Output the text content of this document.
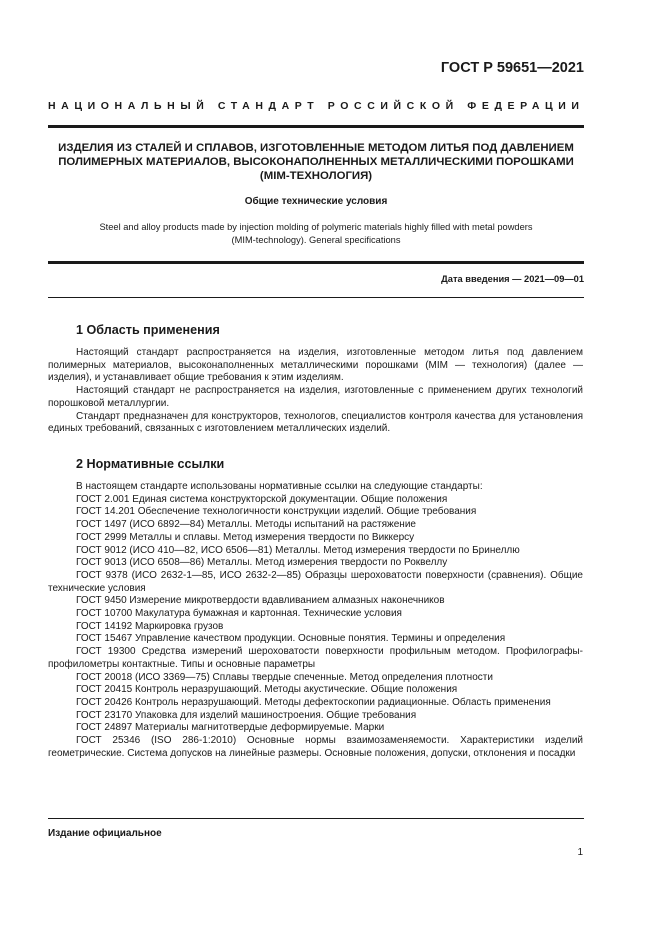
ГОСТ Р 59651—2021
НАЦИОНАЛЬНЫЙ СТАНДАРТ РОССИЙСКОЙ ФЕДЕРАЦИИ
ИЗДЕЛИЯ ИЗ СТАЛЕЙ И СПЛАВОВ, ИЗГОТОВЛЕННЫЕ МЕТОДОМ ЛИТЬЯ ПОД ДАВЛЕНИЕМ
ПОЛИМЕРНЫХ МАТЕРИАЛОВ, ВЫСОКОНАПОЛНЕННЫХ МЕТАЛЛИЧЕСКИМИ ПОРОШКАМИ
(MIM-ТЕХНОЛОГИЯ)
Общие технические условия
Steel and alloy products made by injection molding of polymeric materials highly filled with metal powders
(MIM-technology). General specifications
Дата введения — 2021—09—01
1 Область применения

Настоящий стандарт распространяется на изделия, изготовленные методом литья под давлением полимерных материалов, высоконаполненных металлическими порошками (MIM — технология) (далее — изделия), и устанавливает общие требования к этим изделиям.

Настоящий стандарт не распространяется на изделия, изготовленные с применением других технологий порошковой металлургии.

Стандарт предназначен для конструкторов, технологов, специалистов контроля качества для установления единых требований, связанных с изготовлением металлических изделий.

2 Нормативные ссылки

В настоящем стандарте использованы нормативные ссылки на следующие стандарты:

ГОСТ 2.001 Единая система конструкторской документации. Общие положения

ГОСТ 14.201 Обеспечение технологичности конструкции изделий. Общие требования

ГОСТ 1497 (ИСО 6892—84) Металлы. Методы испытаний на растяжение

ГОСТ 2999 Металлы и сплавы. Метод измерения твердости по Виккерсу

ГОСТ 9012 (ИСО 410—82, ИСО 6506—81) Металлы. Метод измерения твердости по Бринеллю

ГОСТ 9013 (ИСО 6508—86) Металлы. Метод измерения твердости по Роквеллу

ГОСТ 9378 (ИСО 2632-1—85, ИСО 2632-2—85) Образцы шероховатости поверхности (сравнения). Общие технические условия

ГОСТ 9450 Измерение микротвердости вдавливанием алмазных наконечников

ГОСТ 10700 Макулатура бумажная и картонная. Технические условия

ГОСТ 14192 Маркировка грузов

ГОСТ 15467 Управление качеством продукции. Основные понятия. Термины и определения

ГОСТ 19300 Средства измерений шероховатости поверхности профильным методом. Профилографы-профилометры контактные. Типы и основные параметры

ГОСТ 20018 (ИСО 3369—75) Сплавы твердые спеченные. Метод определения плотности

ГОСТ 20415 Контроль неразрушающий. Методы акустические. Общие положения

ГОСТ 20426 Контроль неразрушающий. Методы дефектоскопии радиационные. Область применения

ГОСТ 23170 Упаковка для изделий машиностроения. Общие требования

ГОСТ 24897 Материалы магнитотвердые деформируемые. Марки

ГОСТ 25346 (ISO 286-1:2010) Основные нормы взаимозаменяемости. Характеристики изделий геометрические. Система допусков на линейные размеры. Основные положения, допуски, отклонения и посадки

Издание официальное
1
